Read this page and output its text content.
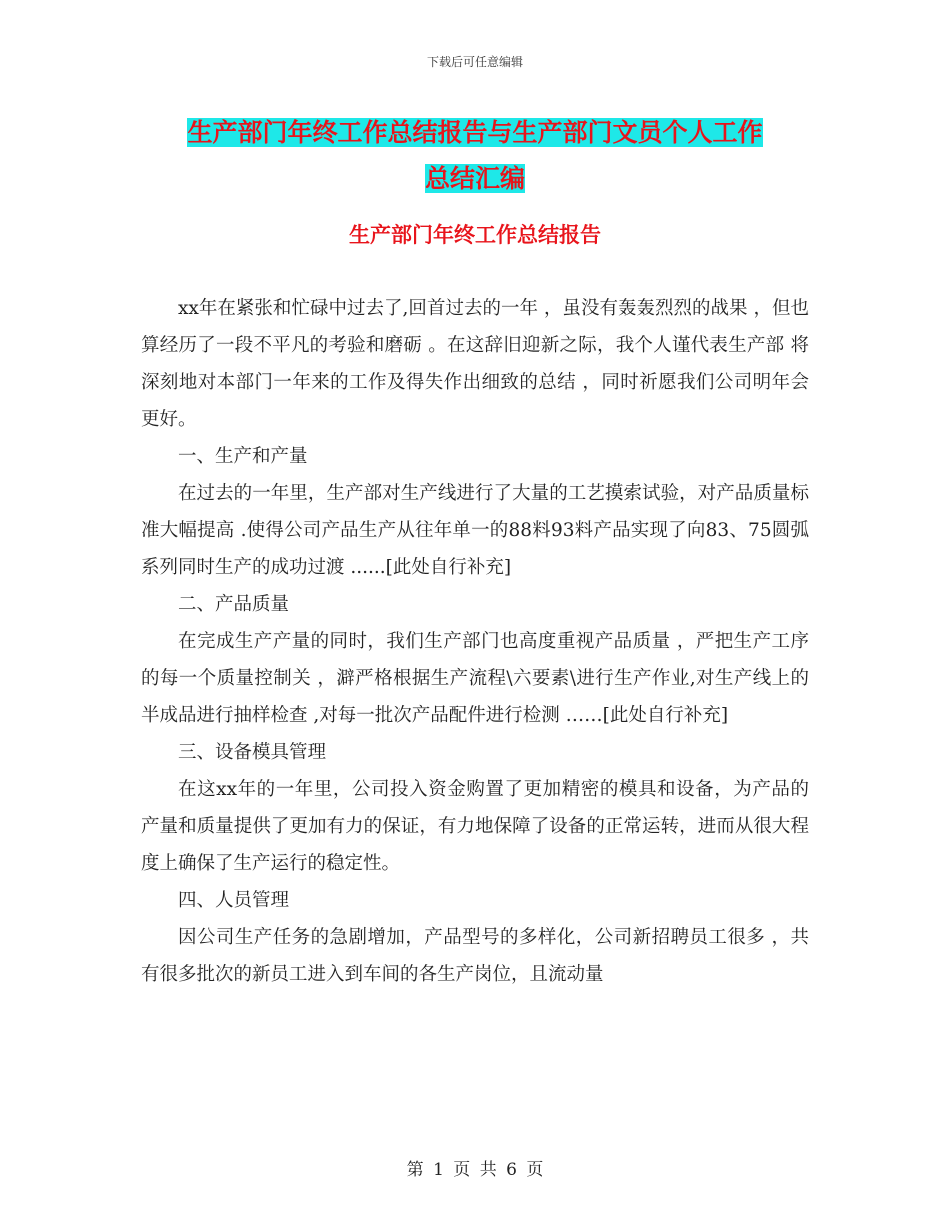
下载后可任意编辑
生产部门年终工作总结报告与生产部门文员个人工作
总结汇编
生产部门年终工作总结报告

xx年在紧张和忙碌中过去了,回首过去的一年 ，虽没有轰轰烈烈的战果 ，但也算经历了一段不平凡的考验和磨砺 。在这辞旧迎新之际，我个人谨代表生产部 将深刻地对本部门一年来的工作及得失作出细致的总结 ，同时祈愿我们公司明年会更好。

一、生产和产量

在过去的一年里，生产部对生产线进行了大量的工艺摸索试验，对产品质量标准大幅提高 .使得公司产品生产从往年单一的88料93料产品实现了向83、75圆弧系列同时生产的成功过渡 ......[此处自行补充]

二、产品质量

在完成生产产量的同时，我们生产部门也高度重视产品质量 ，严把生产工序的每一个质量控制关 ，澼严格根据生产流程\六要素\进行生产作业,对生产线上的半成品进行抽样检查 ,对每一批次产品配件进行检测 ……[此处自行补充]

三、设备模具管理

在这xx年的一年里，公司投入资金购置了更加精密的模具和设备，为产品的产量和质量提供了更加有力的保证，有力地保障了设备的正常运转，进而从很大程度上确保了生产运行的稳定性。

四、人员管理

因公司生产任务的急剧增加，产品型号的多样化，公司新招聘员工很多 ，共有很多批次的新员工进入到车间的各生产岗位，且流动量

第 1 页 共 6 页
